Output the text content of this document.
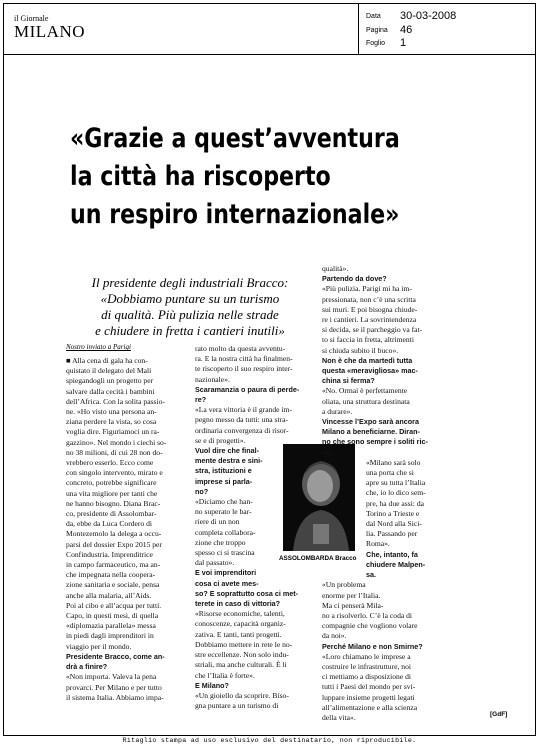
il Giornale
MILANO
Data 30-03-2008
Pagina 46
Foglio 1
«Grazie a quest’avventura
la città ha riscoperto
un respiro internazionale»
Il presidente degli industriali Bracco:
«Dobbiamo puntare su un turismo
di qualità. Più pulizia nelle strade
e chiudere in fretta i cantieri inutili»
Nostro inviato a Parigi
■ Alla cena di gala ha con-
quistato il delegato del Mali
spiegandogli un progetto per
salvare dalla cecità i bambini
dell’Africa. Con la solita passio-
ne. «Ho visto una persona an-
ziana perdere la vista, so cosa
voglia dire. Figuriamoci un ra-
gazzino». Nel mondo i ciechi so-
no 38 milioni, di cui 28 non do-
vrebbero esserlo. Ecco come
con singolo intervento, mirato e
concreto, potrebbe significare
una vita migliore per tanti che
ne hanno bisogno. Diana Brac-
co, presidente di Assolombar-
da, ebbe da Luca Cordero di
Montezemolo la delega a occu-
parsi del dossier Expo 2015 per
Confindustria. Imprenditrice
in campo farmaceutico, ma an-
che impegnata nella coopera-
zione sanitaria e sociale, pensa
anche alla malaria, all’Aids.
Poi al cibo e all’acqua per tutti.
Capo, in questi mesi, di quella
«diplomazia parallela» messa
in piedi dagli imprenditori in
viaggio per il mondo.
Presidente Bracco, come an-
drà a finire?
«Non importa. Valeva la pena
provarci. Per Milano e per tutto
il sistema Italia. Abbiamo impa-
rato molto da questa avventu-
ra. E la nostra città ha finalmen-
te riscoperto il suo respiro inter-
nazionale».
Scaramanzia o paura di perde-
re?
«La vera vittoria è il grande im-
pegno messo da tutti: una stra-
ordinaria convergenza di risor-
se e di progetti».
Vuol dire che final-
mente destra e sini-
stra, istituzioni e
imprese si parla-
no?
«Diciamo che han-
no superato le bar-
riere di un non
completa collabora-
zione che troppo
spesso ci si trascina
dal passato».
E voi imprenditori
cosa ci avete mes-
so? E soprattutto cosa ci met-
terete in caso di vittoria?
«Risorse economiche, talenti,
conoscenze, capacità organiz-
zativa. E tanti, tanti progetti.
Dobbiamo mettere in rete le no-
stre eccellenze. Non solo indu-
striali, ma anche culturali. È li
che l’Italia è forte».
E Milano?
«Un gioiello da scoprire. Biso-
gna puntare a un turismo di
ASSOLOMBARDA Bracco
qualità».
Partendo da dove?
«Più pulizia. Parigi mi ha im-
pressionata, non c’è una scritta
sui muri. E poi bisogna chiude-
re i cantieri. La sovrintendenza
si decida, se il parcheggio va fat-
to si faccia in fretta, altrimenti
si chiuda subito il buco».
Non è che da martedì tutta
questa «meravigliosa» mac-
china si ferma?
«No. Ormai è perfettamente
oliata, una struttura destinata
a durare».
Vincesse l’Expo sarà ancora
Milano a beneficiarne. Diran-
no che sono sempre i soliti ric-
chi.
«Milano sarà solo
una porta che si
apre su tutta l’Italia
che, io lo dico sem-
pre, ha due assi: da
Torino a Trieste e
dal Nord alla Sici-
lia. Passando per
Roma».
Che, intanto, fa
chiudere Malpen-
sa.
«Un problema
enorme per l’Italia.
Ma ci penserà Mila-
no a risolverlo. C’è la coda di
compagnie che vogliono volare
da noi».
Perché Milano e non Smirne?
«Loro chiamano le imprese a
costruire le infrastrutture, noi
ci mettiamo a disposizione di
tutti i Paesi del mondo per svi-
luppare insieme progetti legati
all’alimentazione e alla scienza
della vita».	[GdF]
Ritaglio stampa ad uso esclusivo del destinatario, non riproducibile.
